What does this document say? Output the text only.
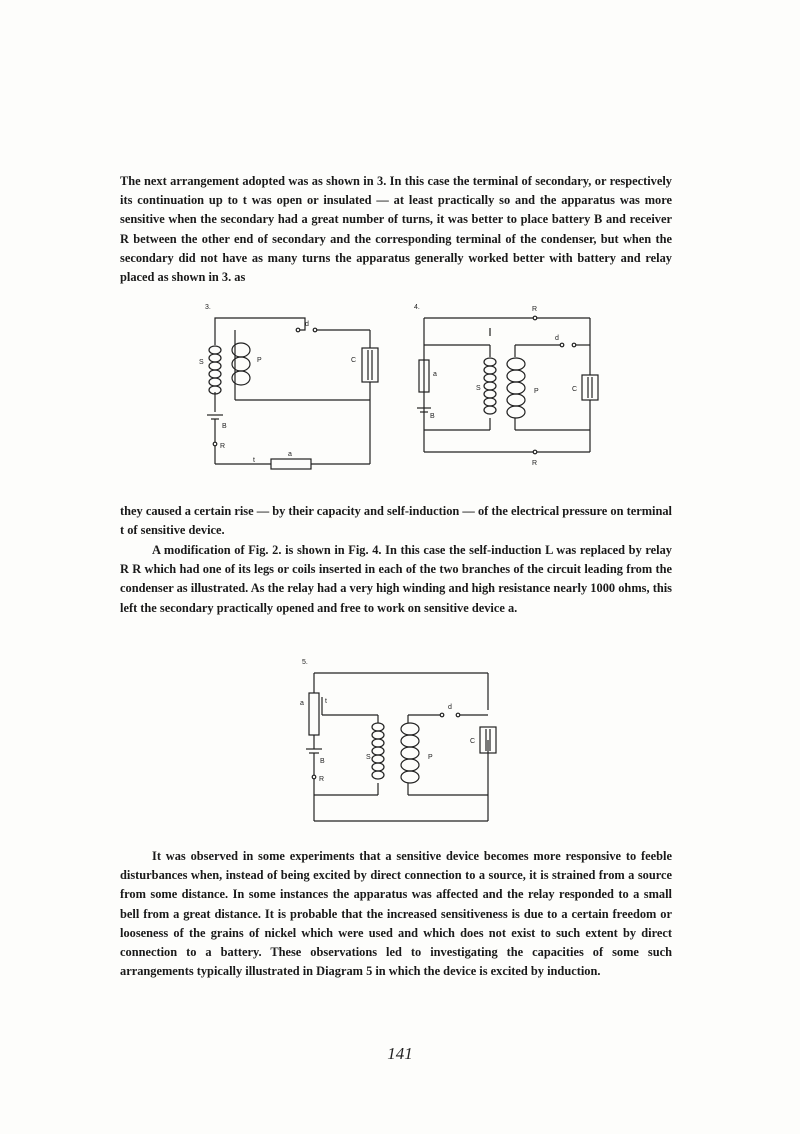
The next arrangement adopted was as shown in 3. In this case the terminal of secondary, or respectively its continuation up to t was open or insulated — at least practically so and the apparatus was more sensitive when the secondary had a great number of turns, it was better to place battery B and receiver R between the other end of secondary and the corresponding terminal of the condenser, but when the secondary did not have as many turns the apparatus generally worked better with battery and relay placed as shown in 3. as

3.
S	P	C
d
B
R
t
a
4.	R
R
a
B
S	P	C
d

they caused a certain rise — by their capacity and self-induction — of the electrical pressure on terminal t of sensitive device.

A modification of Fig. 2. is shown in Fig. 4. In this case the self-induction L was replaced by relay R R which had one of its legs or coils inserted in each of the two branches of the circuit leading from the condenser as illustrated. As the relay had a very high winding and high resistance nearly 1000 ohms, this left the secondary practically opened and free to work on sensitive device a.

5.
a	t
B
R
S	P
C
d

It was observed in some experiments that a sensitive device becomes more responsive to feeble disturbances when, instead of being excited by direct connection to a source, it is strained from a source from some distance. In some instances the apparatus was affected and the relay responded to a small bell from a great distance. It is probable that the increased sensitiveness is due to a certain freedom or looseness of the grains of nickel which were used and which does not exist to such extent by direct connection to a battery. These observations led to investigating the capacities of some such arrangements typically illustrated in Diagram 5 in which the device is excited by induction.

141
